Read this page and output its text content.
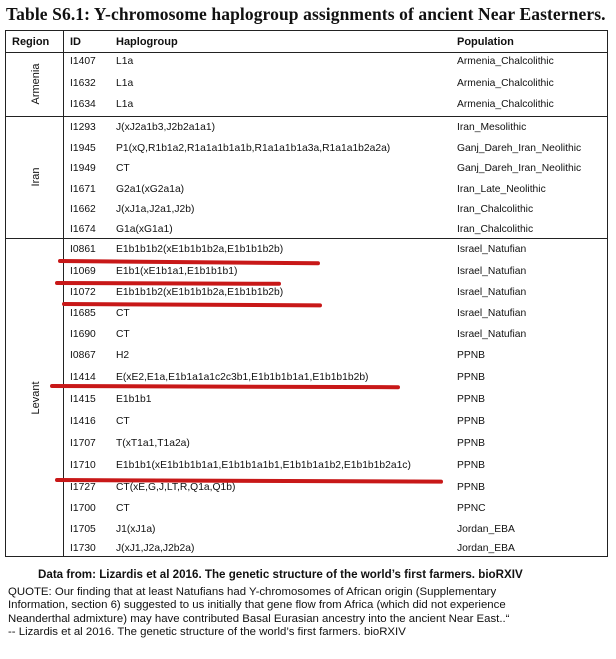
Table S6.1: Y-chromosome haplogroup assignments of ancient Near Easterners.
Region ID	Haplogroup	Population
Armenia
I1407 L1a	Armenia_Chalcolithic
I1632 L1a	Armenia_Chalcolithic
I1634 L1a	Armenia_Chalcolithic
Iran
I1293 J(xJ2a1b3,J2b2a1a1)	Iran_Mesolithic
I1945 P1(xQ,R1b1a2,R1a1a1b1a1b,R1a1a1b1a3a,R1a1a1b2a2a)	Ganj_Dareh_Iran_Neolithic
I1949 CT	Ganj_Dareh_Iran_Neolithic
I1671 G2a1(xG2a1a)	Iran_Late_Neolithic
I1662 J(xJ1a,J2a1,J2b)	Iran_Chalcolithic
I1674 G1a(xG1a1)	Iran_Chalcolithic
Levant
I0861 E1b1b1b2(xE1b1b1b2a,E1b1b1b2b)	Israel_Natufian
I1069 E1b1(xE1b1a1,E1b1b1b1)	Israel_Natufian
I1072 E1b1b1b2(xE1b1b1b2a,E1b1b1b2b)	Israel_Natufian
I1685 CT	Israel_Natufian
I1690 CT	Israel_Natufian
I0867 H2	PPNB
I1414 E(xE2,E1a,E1b1a1a1c2c3b1,E1b1b1b1a1,E1b1b1b2b)	PPNB
I1415 E1b1b1	PPNB
I1416 CT	PPNB
I1707 T(xT1a1,T1a2a)	PPNB
I1710 E1b1b1(xE1b1b1b1a1,E1b1b1a1b1,E1b1b1a1b2,E1b1b1b2a1c)	PPNB
I1727 CT(xE,G,J,LT,R,Q1a,Q1b)	PPNB
I1700 CT	PPNC
I1705 J1(xJ1a)	Jordan_EBA
I1730 J(xJ1,J2a,J2b2a)	Jordan_EBA
Data from: Lizardis et al 2016. The genetic structure of the world’s first farmers. bioRXIV

QUOTE: Our finding that at least Natufians had Y-chromosomes of African origin (Supplementary

Information, section 6) suggested to us initially that gene flow from Africa (which did not experience

Neanderthal admixture) may have contributed Basal Eurasian ancestry into the ancient Near East..“

-- Lizardis et al 2016. The genetic structure of the world’s first farmers. bioRXIV
